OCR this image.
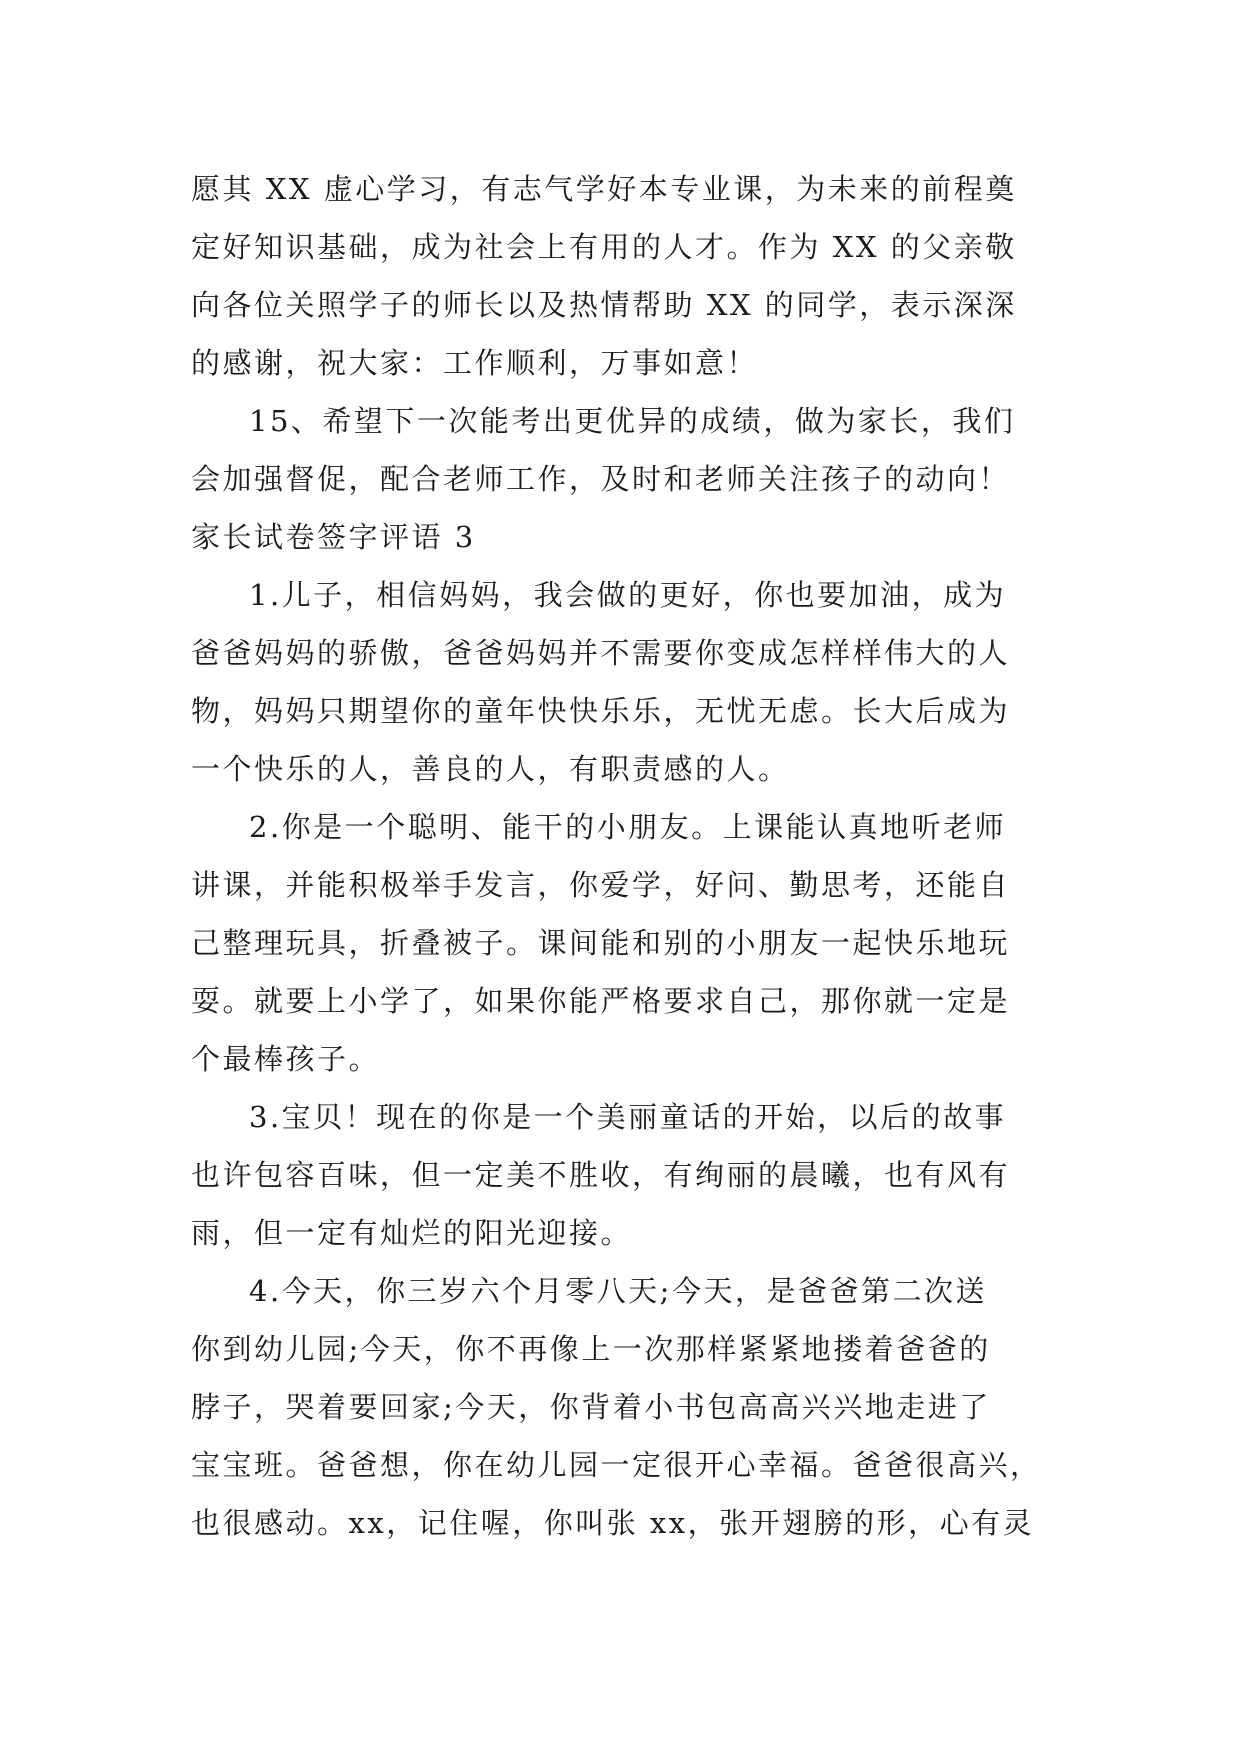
愿其 XX 虚心学习，有志气学好本专业课，为未来的前程奠
定好知识基础，成为社会上有用的人才。作为 XX 的父亲敬
向各位关照学子的师长以及热情帮助 XX 的同学，表示深深
的感谢，祝大家：工作顺利，万事如意！
15、希望下一次能考出更优异的成绩，做为家长，我们
会加强督促，配合老师工作，及时和老师关注孩子的动向！
家长试卷签字评语 3
1.儿子，相信妈妈，我会做的更好，你也要加油，成为
爸爸妈妈的骄傲，爸爸妈妈并不需要你变成怎样样伟大的人
物，妈妈只期望你的童年快快乐乐，无忧无虑。长大后成为
一个快乐的人，善良的人，有职责感的人。
2.你是一个聪明、能干的小朋友。上课能认真地听老师
讲课，并能积极举手发言，你爱学，好问、勤思考，还能自
己整理玩具，折叠被子。课间能和别的小朋友一起快乐地玩
耍。就要上小学了，如果你能严格要求自己，那你就一定是
个最棒孩子。
3.宝贝！现在的你是一个美丽童话的开始，以后的故事
也许包容百味，但一定美不胜收，有绚丽的晨曦，也有风有
雨，但一定有灿烂的阳光迎接。
4.今天，你三岁六个月零八天;今天，是爸爸第二次送
你到幼儿园;今天，你不再像上一次那样紧紧地搂着爸爸的
脖子，哭着要回家;今天，你背着小书包高高兴兴地走进了
宝宝班。爸爸想，你在幼儿园一定很开心幸福。爸爸很高兴，
也很感动。xx，记住喔，你叫张 xx，张开翅膀的形，心有灵
